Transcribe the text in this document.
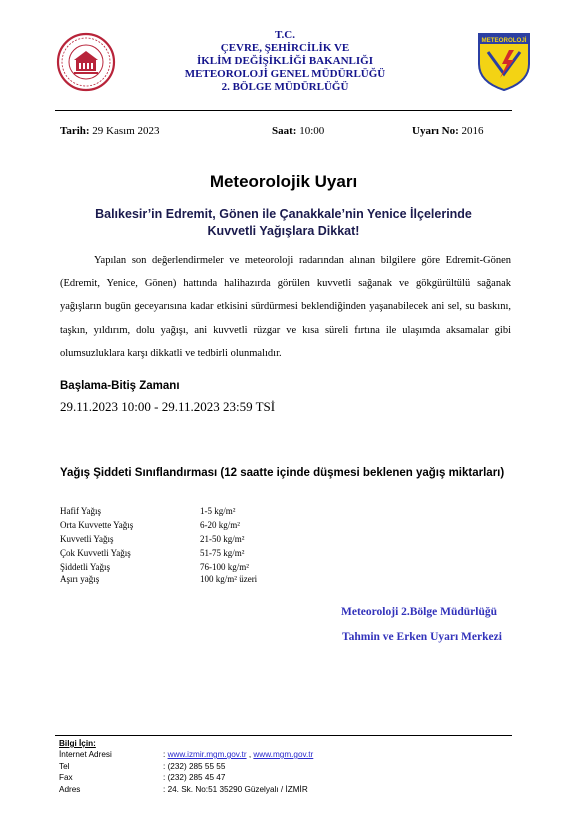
T.C.
ÇEVRE, ŞEHİRCİLİK VE
İKLİM DEĞİŞİKLİĞİ BAKANLIĞI
METEOROLOJİ GENEL MÜDÜRLÜĞÜ
2. BÖLGE MÜDÜRLÜĞÜ
METEOROLOJİ
Tarih: 29 Kasım 2023	Saat: 10:00	Uyarı No: 2016
Meteorolojik Uyarı
Balıkesir’in Edremit, Gönen ile Çanakkale’nin Yenice İlçelerinde Kuvvetli Yağışlara Dikkat!
Yapılan son değerlendirmeler ve meteoroloji radarından alınan bilgilere göre Edremit-Gönen (Edremit, Yenice, Gönen) hattında halihazırda görülen kuvvetli sağanak ve gökgürültülü sağanak yağışların bugün geceyarısına kadar etkisini sürdürmesi beklendiğinden yaşanabilecek ani sel, su baskını, taşkın, yıldırım, dolu yağışı, ani kuvvetli rüzgar ve kısa süreli fırtına ile ulaşımda aksamalar gibi olumsuzluklara karşı dikkatli ve tedbirli olunmalıdır.
Başlama-Bitiş Zamanı
29.11.2023 10:00 - 29.11.2023 23:59 TSİ
Yağış Şiddeti Sınıflandırması (12 saatte içinde düşmesi beklenen yağış miktarları)
Hafif Yağış	1-5 kg/m²
Orta Kuvvette Yağış	6-20 kg/m²
Kuvvetli Yağış	21-50 kg/m²
Çok Kuvvetli Yağış	51-75 kg/m²
Şiddetli Yağış	76-100 kg/m²
Aşırı yağış	100 kg/m² üzeri
Meteoroloji 2.Bölge Müdürlüğü
Tahmin ve Erken Uyarı Merkezi
Bilgi İçin:
İnternet Adresi	: www.izmir.mgm.gov.tr , www.mgm.gov.tr
Tel	: (232) 285 55 55
Fax	: (232) 285 45 47
Adres	: 24. Sk. No:51 35290 Güzelyalı / İZMİR
